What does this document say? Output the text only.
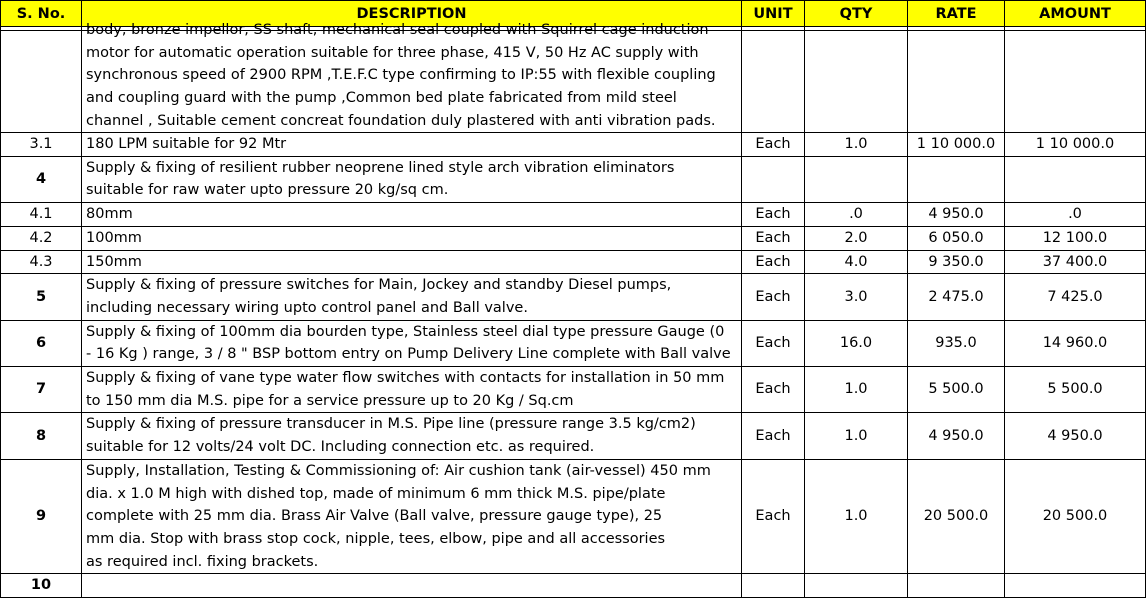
S. No.	DESCRIPTION	UNIT	QTY	RATE	AMOUNT

	body, bronze impellor, SS shaft, mechanical seal coupled with Squirrel cage induction
motor for automatic operation suitable for three phase, 415 V, 50 Hz AC supply with
synchronous speed of 2900 RPM ,T.E.F.C type confirming to IP:55 with flexible coupling
and coupling guard with the pump ,Common bed plate fabricated from mild steel
channel , Suitable cement concreat foundation duly plastered with anti vibration pads.				

3.1	180 LPM suitable for 92 Mtr	Each	1.0	1 10 000.0	1 10 000.0
4	Supply & fixing of resilient rubber neoprene lined style arch vibration eliminators
suitable for raw water upto pressure 20 kg/sq cm.				

4.1	80mm	Each	.0	4 950.0	.0
4.2	100mm	Each	2.0	6 050.0	12 100.0
4.3	150mm	Each	4.0	9 350.0	37 400.0
5	Supply & fixing of pressure switches for Main, Jockey and standby Diesel pumps,
including necessary wiring upto control panel and Ball valve.	Each	3.0	2 475.0	7 425.0
6	Supply & fixing of 100mm dia bourden type, Stainless steel dial type pressure Gauge (0
- 16 Kg ) range, 3 / 8 " BSP bottom entry on Pump Delivery Line complete with Ball valve	Each	16.0	935.0	14 960.0
7	Supply & fixing of vane type water flow switches with contacts for installation in 50 mm
to 150 mm dia M.S. pipe for a service pressure up to 20 Kg / Sq.cm	Each	1.0	5 500.0	5 500.0
8	Supply & fixing of pressure transducer in M.S. Pipe line (pressure range 3.5 kg/cm2)
suitable for 12 volts/24 volt DC. Including connection etc. as required.	Each	1.0	4 950.0	4 950.0
9	Supply, Installation, Testing & Commissioning of: Air cushion tank (air-vessel) 450 mm
dia. x 1.0 M high with dished top, made of minimum 6 mm thick M.S. pipe/plate
complete with 25 mm dia. Brass Air Valve (Ball valve, pressure gauge type), 25
mm dia. Stop with brass stop cock, nipple, tees, elbow, pipe and all accessories
as required incl. fixing brackets.	Each	1.0	20 500.0	20 500.0
10	
